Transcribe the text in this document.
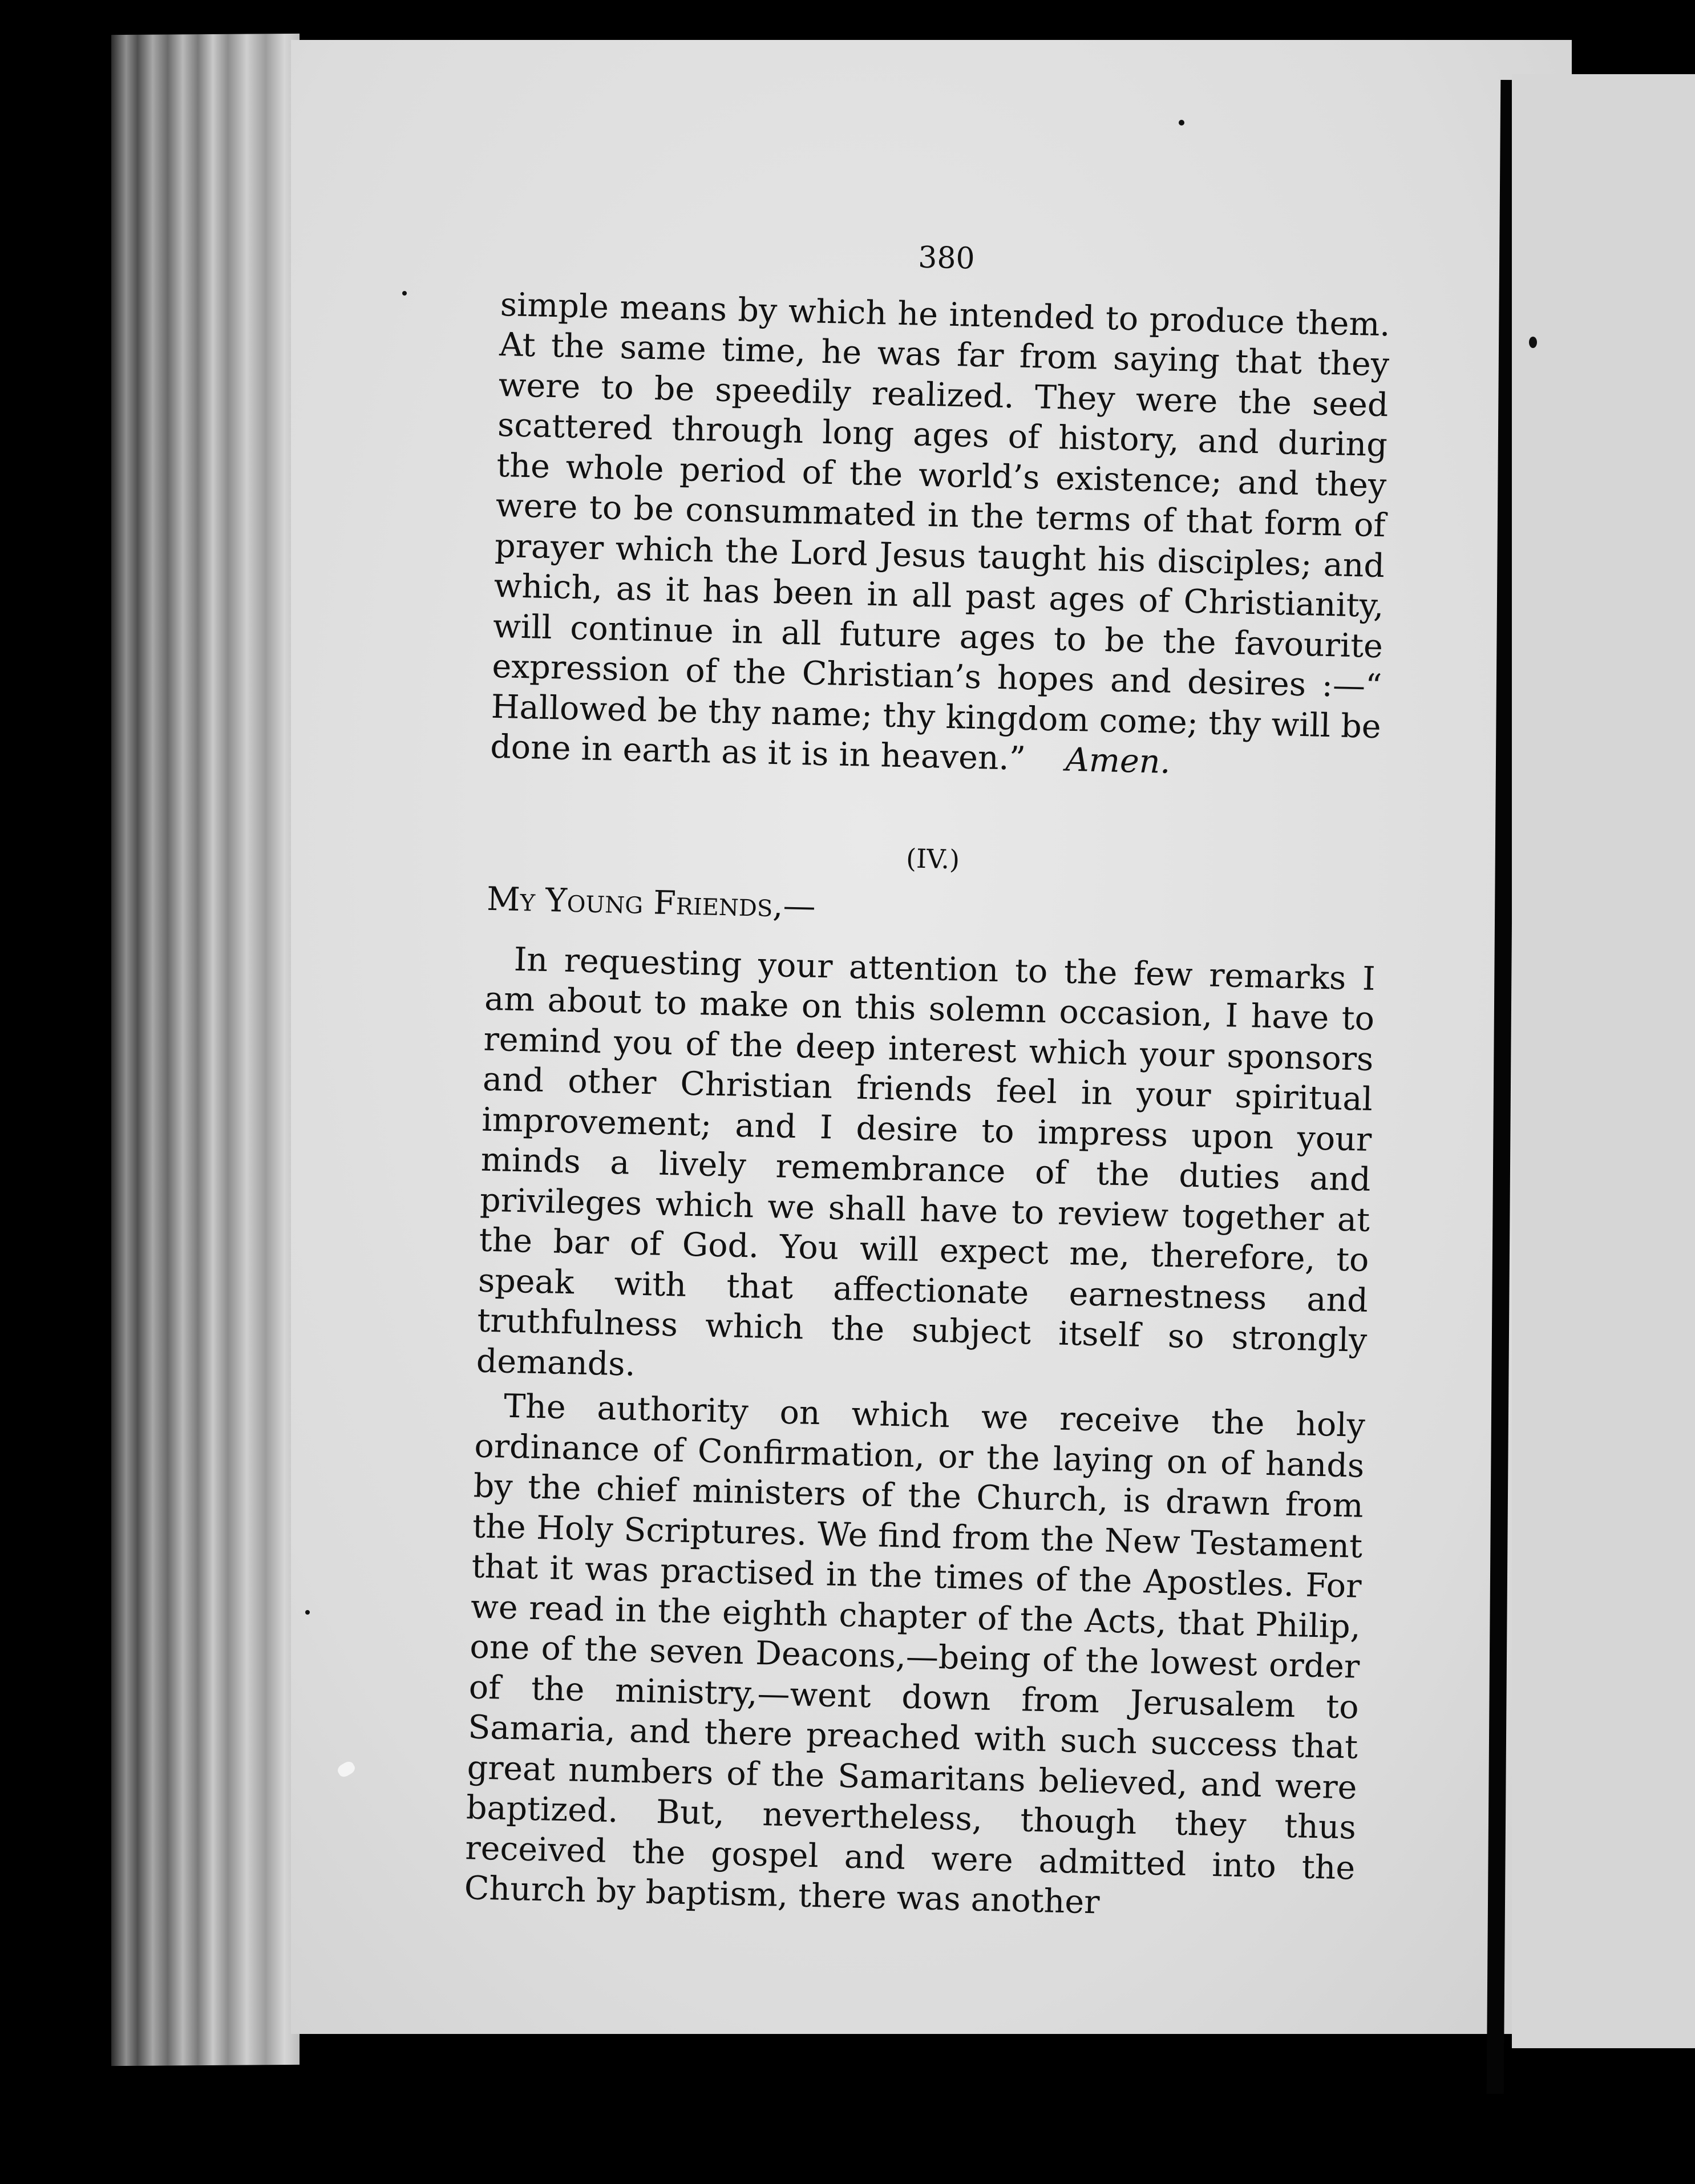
380

simple means by which he intended to produce them. At the same time, he was far from saying that they were to be speedily realized. They were the seed scattered through long ages of history, and during the whole period of the world’s existence; and they were to be consummated in the terms of that form of prayer which the Lord Jesus taught his disciples; and which, as it has been in all past ages of Christianity, will continue in all future ages to be the favourite expression of the Christian’s hopes and desires :—“ Hallowed be thy name; thy kingdom come; thy will be done in earth as it is in heaven.” Amen.

(IV.)
My Young Friends,—

In requesting your attention to the few remarks I am about to make on this solemn occasion, I have to remind you of the deep interest which your sponsors and other Christian friends feel in your spiritual improvement; and I desire to impress upon your minds a lively remembrance of the duties and privileges which we shall have to review together at the bar of God. You will expect me, therefore, to speak with that affectionate earnestness and truthfulness which the subject itself so strongly demands.

The authority on which we receive the holy ordinance of Confirmation, or the laying on of hands by the chief ministers of the Church, is drawn from the Holy Scriptures. We find from the New Testament that it was practised in the times of the Apostles. For we read in the eighth chapter of the Acts, that Philip, one of the seven Deacons,—being of the lowest order of the ministry,—went down from Jerusalem to Samaria, and there preached with such success that great numbers of the Samaritans believed, and were baptized. But, nevertheless, though they thus received the gospel and were admitted into the Church by baptism, there was another
